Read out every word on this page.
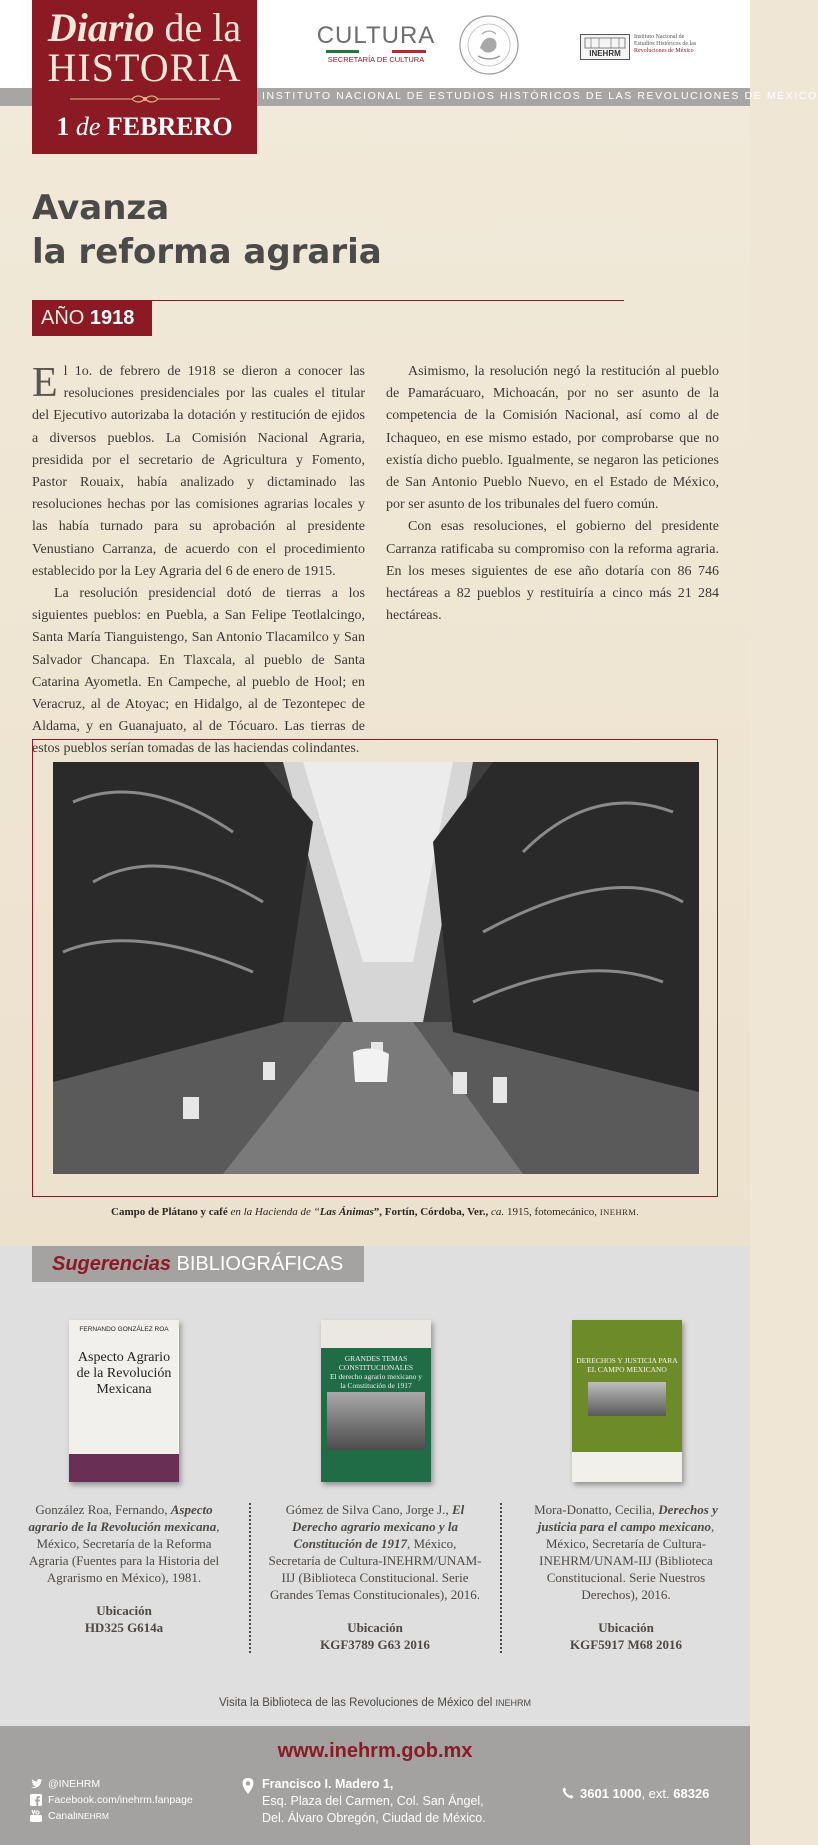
INSTITUTO NACIONAL DE ESTUDIOS HISTÓRICOS DE LAS REVOLUCIONES DE MÉXICO
Diario de la
HISTORIA
1 de FEBRERO
CULTURA
SECRETARÍA DE CULTURA
INEHRM
Instituto Nacional de
Estudios Históricos de las
Revoluciones de México
Avanza
la reforma agraria
AÑO 1918

El 1o. de febrero de 1918 se dieron a conocer las resoluciones presidenciales por las cuales el titular del Ejecutivo autorizaba la dotación y restitución de ejidos a diversos pueblos. La Comisión Nacional Agraria, presidida por el secretario de Agricultura y Fomento, Pastor Rouaix, había analizado y dictaminado las resoluciones hechas por las comisiones agrarias locales y las había turnado para su aprobación al presidente Venustiano Carranza, de acuerdo con el procedimiento establecido por la Ley Agraria del 6 de enero de 1915.

La resolución presidencial dotó de tierras a los siguientes pueblos: en Puebla, a San Felipe Teotlalcingo, Santa María Tianguistengo, San Antonio Tlacamilco y San Salvador Chancapa. En Tlaxcala, al pueblo de Santa Catarina Ayometla. En Campeche, al pueblo de Hool; en Veracruz, al de Atoyac; en Hidalgo, al de Tezontepec de Aldama, y en Guanajuato, al de Tócuaro. Las tierras de estos pueblos serían tomadas de las haciendas colindantes.

Asimismo, la resolución negó la restitución al pueblo de Pamarácuaro, Michoacán, por no ser asunto de la competencia de la Comisión Nacional, así como al de Ichaqueo, en ese mismo estado, por comprobarse que no existía dicho pueblo. Igualmente, se negaron las peticiones de San Antonio Pueblo Nuevo, en el Estado de México, por ser asunto de los tribunales del fuero común.

Con esas resoluciones, el gobierno del presidente Carranza ratificaba su compromiso con la reforma agraria. En los meses siguientes de ese año dotaría con 86 746 hectáreas a 82 pueblos y restituiría a cinco más 21 284 hectáreas.

Campo de Plátano y café en la Hacienda de “Las Ánimas”, Fortín, Córdoba, Ver., ca. 1915, fotomecánico, INEHRM.
Sugerencias BIBLIOGRÁFICAS
FERNANDO GONZÁLEZ ROA
Aspecto Agrario de la Revolución Mexicana
GRANDES TEMAS CONSTITUCIONALES
El derecho agrario mexicano y la Constitución de 1917
DERECHOS Y JUSTICIA PARA EL CAMPO MEXICANO
González Roa, Fernando, Aspecto agrario de la Revolución mexicana, México, Secretaría de la Reforma Agraria (Fuentes para la Historia del Agrarismo en México), 1981.
Ubicación
HD325 G614a
Gómez de Silva Cano, Jorge J., El Derecho agrario mexicano y la Constitución de 1917, México, Secretaría de Cultura-INEHRM/UNAM-IIJ (Biblioteca Constitucional. Serie Grandes Temas Constitucionales), 2016.
Ubicación
KGF3789 G63 2016
Mora-Donatto, Cecilia, Derechos y justicia para el campo mexicano, México, Secretaría de Cultura-INEHRM/UNAM-IIJ (Biblioteca Constitucional. Serie Nuestros Derechos), 2016.
Ubicación
KGF5917 M68 2016
Visita la Biblioteca de las Revoluciones de México del INEHRM
www.inehrm.gob.mx
@INEHRM
Facebook.com/inehrm.fanpage
Canal INEHRM
Francisco I. Madero 1,
Esq. Plaza del Carmen, Col. San Ángel,
Del. Álvaro Obregón, Ciudad de México.
3601 1000, ext. 68326
